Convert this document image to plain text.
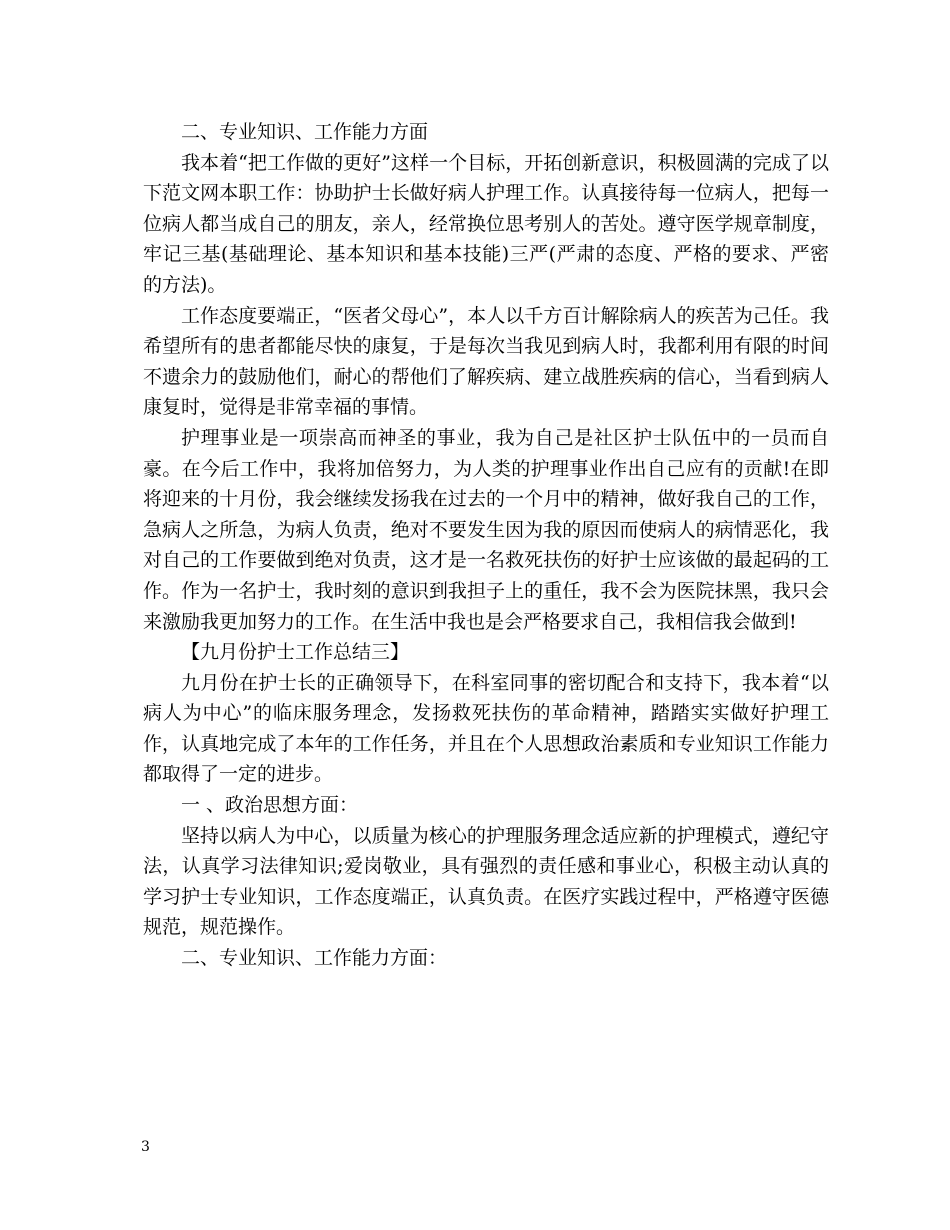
二、专业知识、工作能力方面

我本着“把工作做的更好”这样一个目标，开拓创新意识，积极圆满的完成了以下范文网本职工作：协助护士长做好病人护理工作。认真接待每一位病人，把每一位病人都当成自己的朋友，亲人，经常换位思考别人的苦处。遵守医学规章制度，牢记三基(基础理论、基本知识和基本技能)三严(严肃的态度、严格的要求、严密的方法)。

工作态度要端正，“医者父母心”，本人以千方百计解除病人的疾苦为己任。我希望所有的患者都能尽快的康复，于是每次当我见到病人时，我都利用有限的时间不遗余力的鼓励他们，耐心的帮他们了解疾病、建立战胜疾病的信心，当看到病人康复时，觉得是非常幸福的事情。

护理事业是一项崇高而神圣的事业，我为自己是社区护士队伍中的一员而自豪。在今后工作中，我将加倍努力，为人类的护理事业作出自己应有的贡献!在即将迎来的十月份，我会继续发扬我在过去的一个月中的精神，做好我自己的工作，急病人之所急，为病人负责，绝对不要发生因为我的原因而使病人的病情恶化，我对自己的工作要做到绝对负责，这才是一名救死扶伤的好护士应该做的最起码的工作。作为一名护士，我时刻的意识到我担子上的重任，我不会为医院抹黑，我只会来激励我更加努力的工作。在生活中我也是会严格要求自己，我相信我会做到!

【九月份护士工作总结三】

九月份在护士长的正确领导下，在科室同事的密切配合和支持下，我本着“以病人为中心”的临床服务理念，发扬救死扶伤的革命精神，踏踏实实做好护理工作，认真地完成了本年的工作任务，并且在个人思想政治素质和专业知识工作能力都取得了一定的进步。

一 、政治思想方面：

坚持以病人为中心，以质量为核心的护理服务理念适应新的护理模式，遵纪守法，认真学习法律知识;爱岗敬业，具有强烈的责任感和事业心，积极主动认真的学习护士专业知识，工作态度端正，认真负责。在医疗实践过程中，严格遵守医德规范，规范操作。

二、专业知识、工作能力方面：

3
